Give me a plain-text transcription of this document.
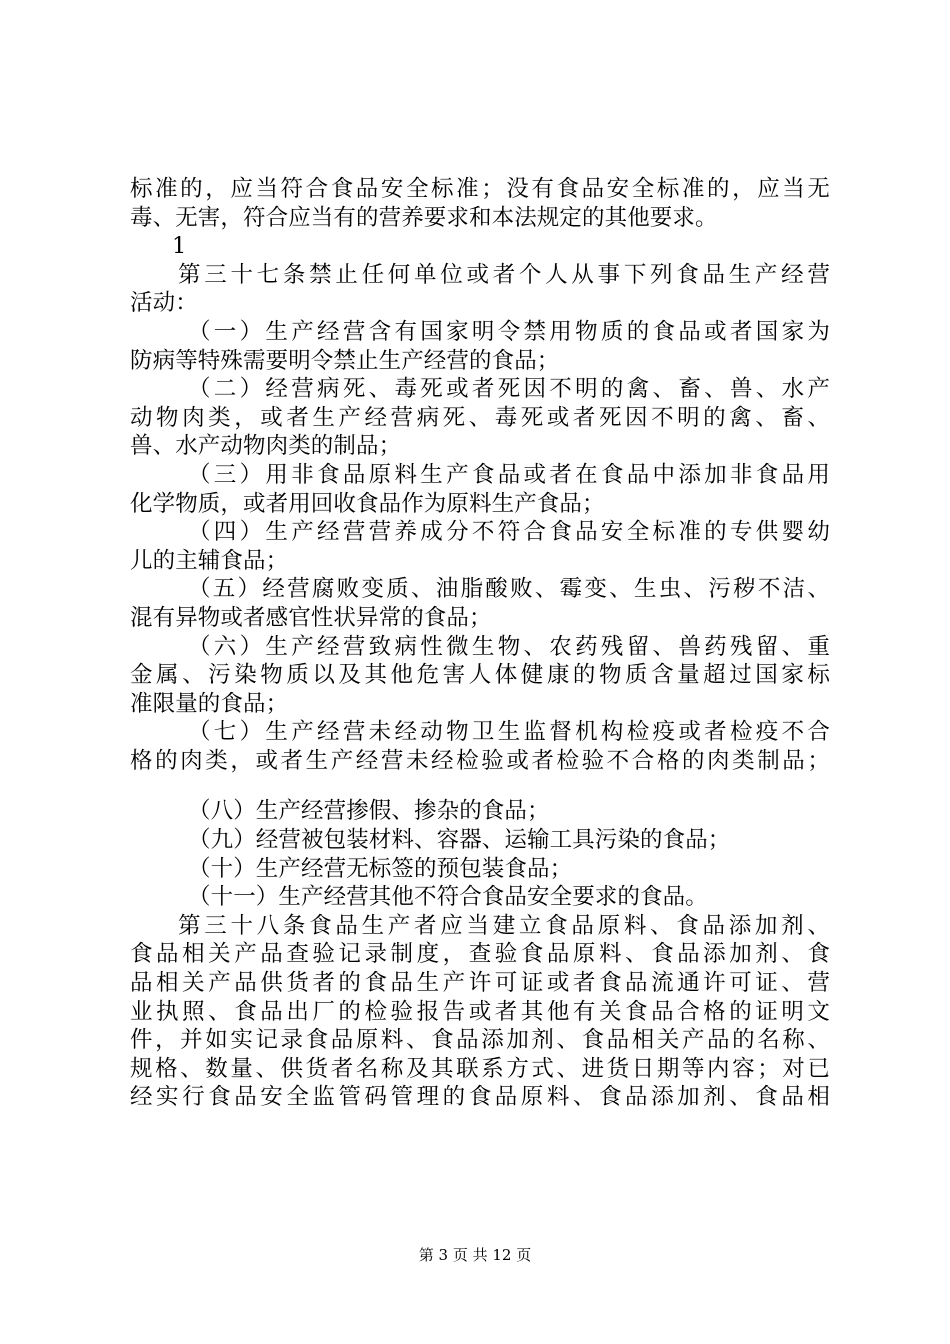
标准的，应当符合食品安全标准；没有食品安全标准的，应当无
毒、无害，符合应当有的营养要求和本法规定的其他要求。
1
第三十七条禁止任何单位或者个人从事下列食品生产经营
活动：
（一）生产经营含有国家明令禁用物质的食品或者国家为
防病等特殊需要明令禁止生产经营的食品；
（二）经营病死、毒死或者死因不明的禽、畜、兽、水产
动物肉类，或者生产经营病死、毒死或者死因不明的禽、畜、
兽、水产动物肉类的制品；
（三）用非食品原料生产食品或者在食品中添加非食品用
化学物质，或者用回收食品作为原料生产食品；
（四）生产经营营养成分不符合食品安全标准的专供婴幼
儿的主辅食品；
（五）经营腐败变质、油脂酸败、霉变、生虫、污秽不洁、
混有异物或者感官性状异常的食品；
（六）生产经营致病性微生物、农药残留、兽药残留、重
金属、污染物质以及其他危害人体健康的物质含量超过国家标
准限量的食品；
（七）生产经营未经动物卫生监督机构检疫或者检疫不合
格的肉类，或者生产经营未经检验或者检验不合格的肉类制品；
（八）生产经营掺假、掺杂的食品；
（九）经营被包装材料、容器、运输工具污染的食品；
（十）生产经营无标签的预包装食品；
（十一）生产经营其他不符合食品安全要求的食品。
第三十八条食品生产者应当建立食品原料、食品添加剂、
食品相关产品查验记录制度，查验食品原料、食品添加剂、食
品相关产品供货者的食品生产许可证或者食品流通许可证、营
业执照、食品出厂的检验报告或者其他有关食品合格的证明文
件，并如实记录食品原料、食品添加剂、食品相关产品的名称、
规格、数量、供货者名称及其联系方式、进货日期等内容；对已
经实行食品安全监管码管理的食品原料、食品添加剂、食品相
第 3 页 共 12 页
